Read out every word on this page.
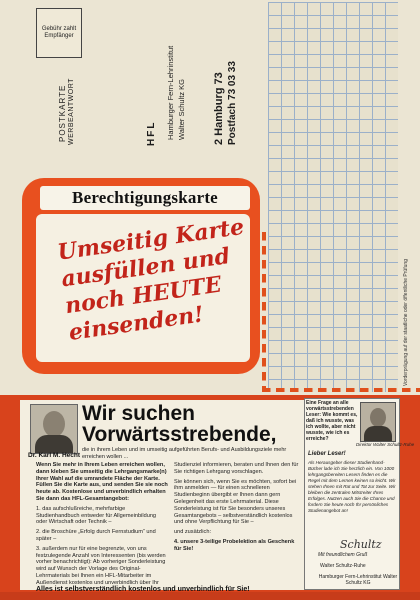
Gebühr zahlt Empfänger
POSTKARTE WERBEANTWORT	HFL Hamburger Fern-Lehrinstitut Walter Schultz KG 2 Hamburg 73 Postfach 73 03 33
Vorderprägung auf der staatliche oder öffentliche Prüfung
Berechtigungskarte
Umseitig Karte
ausfüllen und
noch HEUTE
einsenden!
Dr. Karl M. Hecht
Wir suchen
Vorwärtsstrebende,
die in ihrem Leben und im umseitig aufgeführten Berufs- und Ausbildungsziele mehr erreichen wollen ...

Wenn Sie mehr in Ihrem Leben erreichen wollen, dann kleben Sie umseitig die Lehrgangsmarke(n) Ihrer Wahl auf die umrandete Fläche der Karte. Füllen Sie die Karte aus, und senden Sie sie noch heute ab. Kostenlose und unverbindlich erhalten Sie dann das HFL-Gesamtangebot:

1. das aufschlußreiche, mehrfarbige Studienhandbuch entweder für Allgemeinbildung oder Wirtschaft oder Technik –

2. die Broschüre „Erfolg durch Fernstudium“ und später –

3. außerdem nur für eine begrenzte, von uns festzulegende Anzahl von Interessenten (bis werden vorher benachrichtigt): Ab vorheriger Sonderleistung wird auf Wunsch der Vorlage des Original-Lehrmaterials bei Ihnen ein HFL-Mitarbeiter im Außendienst kostenlos und unverbindlich über Ihr

Studienziel informieren, beraten und Ihnen den für Sie richtigen Lehrgang vorschlagen.

Sie können sich, wenn Sie es möchten, sofort bei ihm anmelden — für einen schnelleren Studienbeginn übergibt er Ihnen dann gern Gelegenheit das erste Lehrmaterial. Diese Sonderleistung ist für Sie besonders unseres Gesamtangebots – selbstverständlich kostenlos und ohne Verpflichtung für Sie –

und zusätzlich:

4. unsere 3-teilige Probelektion als Geschenk für Sie!

Alles ist selbstverständlich kostenlos und unverbindlich für Sie!
Eine Frage an alle vorwärtsstrebenden Leser: Wie kommt es, daß ich wusste, was ich wollte, aber nicht wusste, wie ich es erreiche?
Direktor Walter Schultz-Ruhe
Lieber Leser!
Als Herausgeber dieser Studienhand-Bücher lade ich Sie herzlich ein. Von 1000 lehrgangsbereiten Lesern finden es die Regel mit dem Lernen keinen so leicht. Wir stehen Ihnen mit Rat und Tat zur Seite. Wir bleiben die zentralen Mitstreiter Ihres Erfolges. Nutzen auch Sie die Chance und fordern Sie heute noch Ihr persönliches Studienangebot an!
Schultz
Mit freundlichem Gruß
Walter Schultz-Ruhe
Hamburger Fern-Lehrinstitut Walter Schultz KG
